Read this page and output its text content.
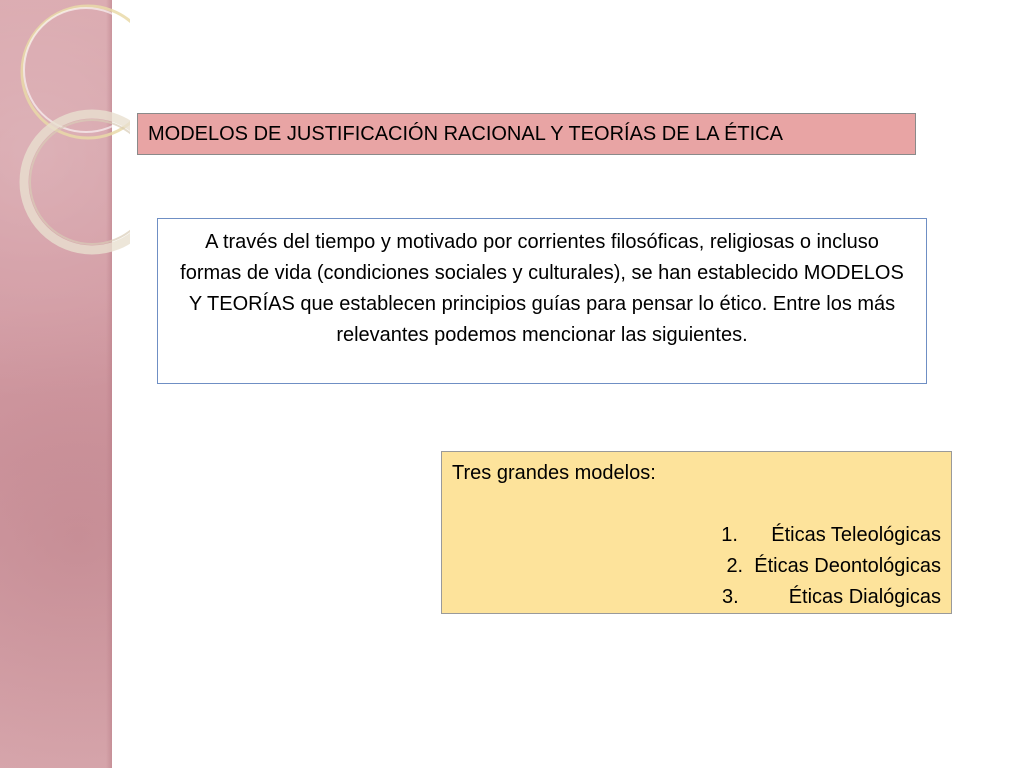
MODELOS DE JUSTIFICACIÓN RACIONAL Y TEORÍAS DE LA ÉTICA
A través del tiempo y motivado por corrientes filosóficas, religiosas o incluso formas de vida (condiciones sociales y culturales), se han establecido MODELOS Y TEORÍAS que establecen principios guías para pensar lo ético. Entre los más relevantes podemos mencionar las siguientes.
Tres grandes modelos:
1.      Éticas Teleológicas
2.  Éticas Deontológicas
3.         Éticas Dialógicas
